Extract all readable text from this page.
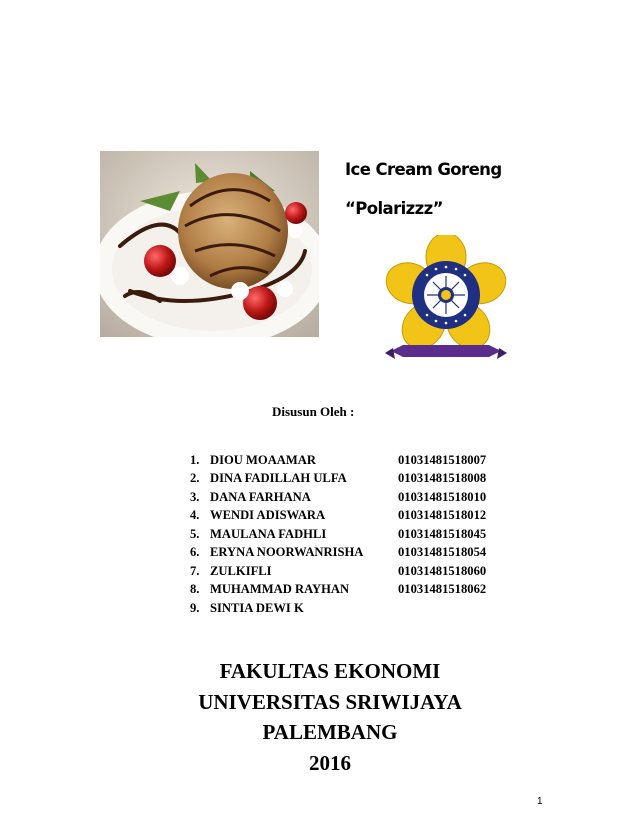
Ice Cream Goreng
“Polarizzz”
Disusun Oleh :
1. DIOU MOAAMAR	01031481518007
2. DINA FADILLAH ULFA	01031481518008
3. DANA FARHANA	01031481518010
4. WENDI ADISWARA	01031481518012
5. MAULANA FADHLI	01031481518045
6. ERYNA NOORWANRISHA	01031481518054
7. ZULKIFLI	01031481518060
8. MUHAMMAD RAYHAN	01031481518062
9. SINTIA DEWI K
FAKULTAS EKONOMI
UNIVERSITAS SRIWIJAYA
PALEMBANG
2016
1
